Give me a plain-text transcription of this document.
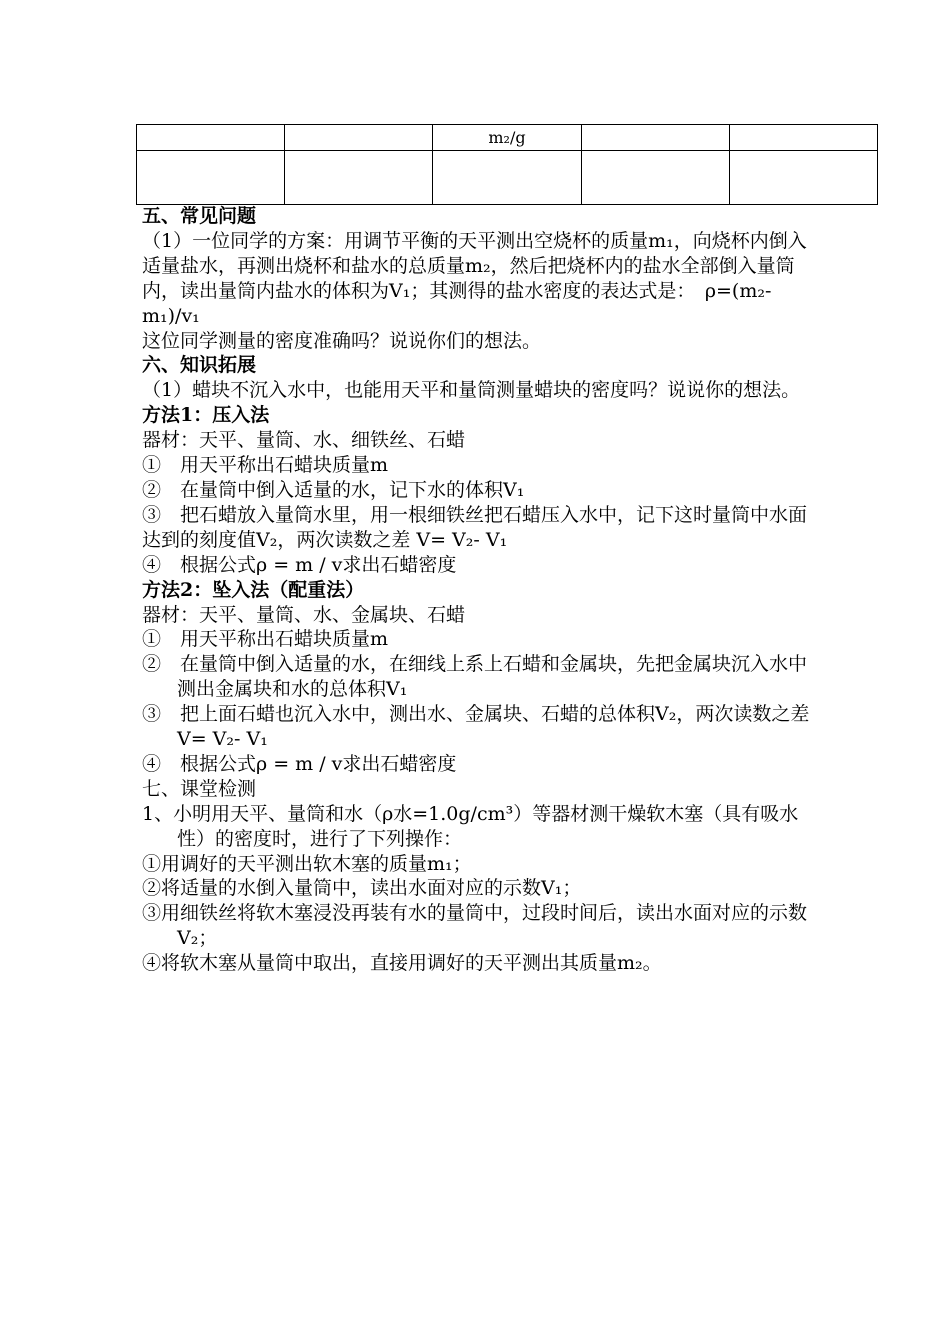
		m₂/g		

五、常见问题

（1）一位同学的方案：用调节平衡的天平测出空烧杯的质量m₁，向烧杯内倒入适量盐水，再测出烧杯和盐水的总质量m₂，然后把烧杯内的盐水全部倒入量筒内，读出量筒内盐水的体积为V₁；其测得的盐水密度的表达式是：　ρ=(m₂-m₁)/v₁

这位同学测量的密度准确吗？说说你们的想法。

六、知识拓展

（1）蜡块不沉入水中，也能用天平和量筒测量蜡块的密度吗？说说你的想法。

方法1：压入法

器材：天平、量筒、水、细铁丝、石蜡

①　用天平称出石蜡块质量m

②　在量筒中倒入适量的水，记下水的体积V₁

③　把石蜡放入量筒水里，用一根细铁丝把石蜡压入水中，记下这时量筒中水面达到的刻度值V₂，两次读数之差 V= V₂- V₁

④　根据公式ρ = m / v求出石蜡密度

方法2：坠入法（配重法）

器材：天平、量筒、水、金属块、石蜡

①　用天平称出石蜡块质量m

②　在量筒中倒入适量的水，在细线上系上石蜡和金属块，先把金属块沉入水中测出金属块和水的总体积V₁

③　把上面石蜡也沉入水中，测出水、金属块、石蜡的总体积V₂，两次读数之差 V= V₂- V₁

④　根据公式ρ = m / v求出石蜡密度

七、课堂检测

1、小明用天平、量筒和水（ρ水=1.0g/cm³）等器材测干燥软木塞（具有吸水性）的密度时，进行了下列操作：

①用调好的天平测出软木塞的质量m₁；

②将适量的水倒入量筒中，读出水面对应的示数V₁；

③用细铁丝将软木塞浸没再装有水的量筒中，过段时间后，读出水面对应的示数V₂；

④将软木塞从量筒中取出，直接用调好的天平测出其质量m₂。
